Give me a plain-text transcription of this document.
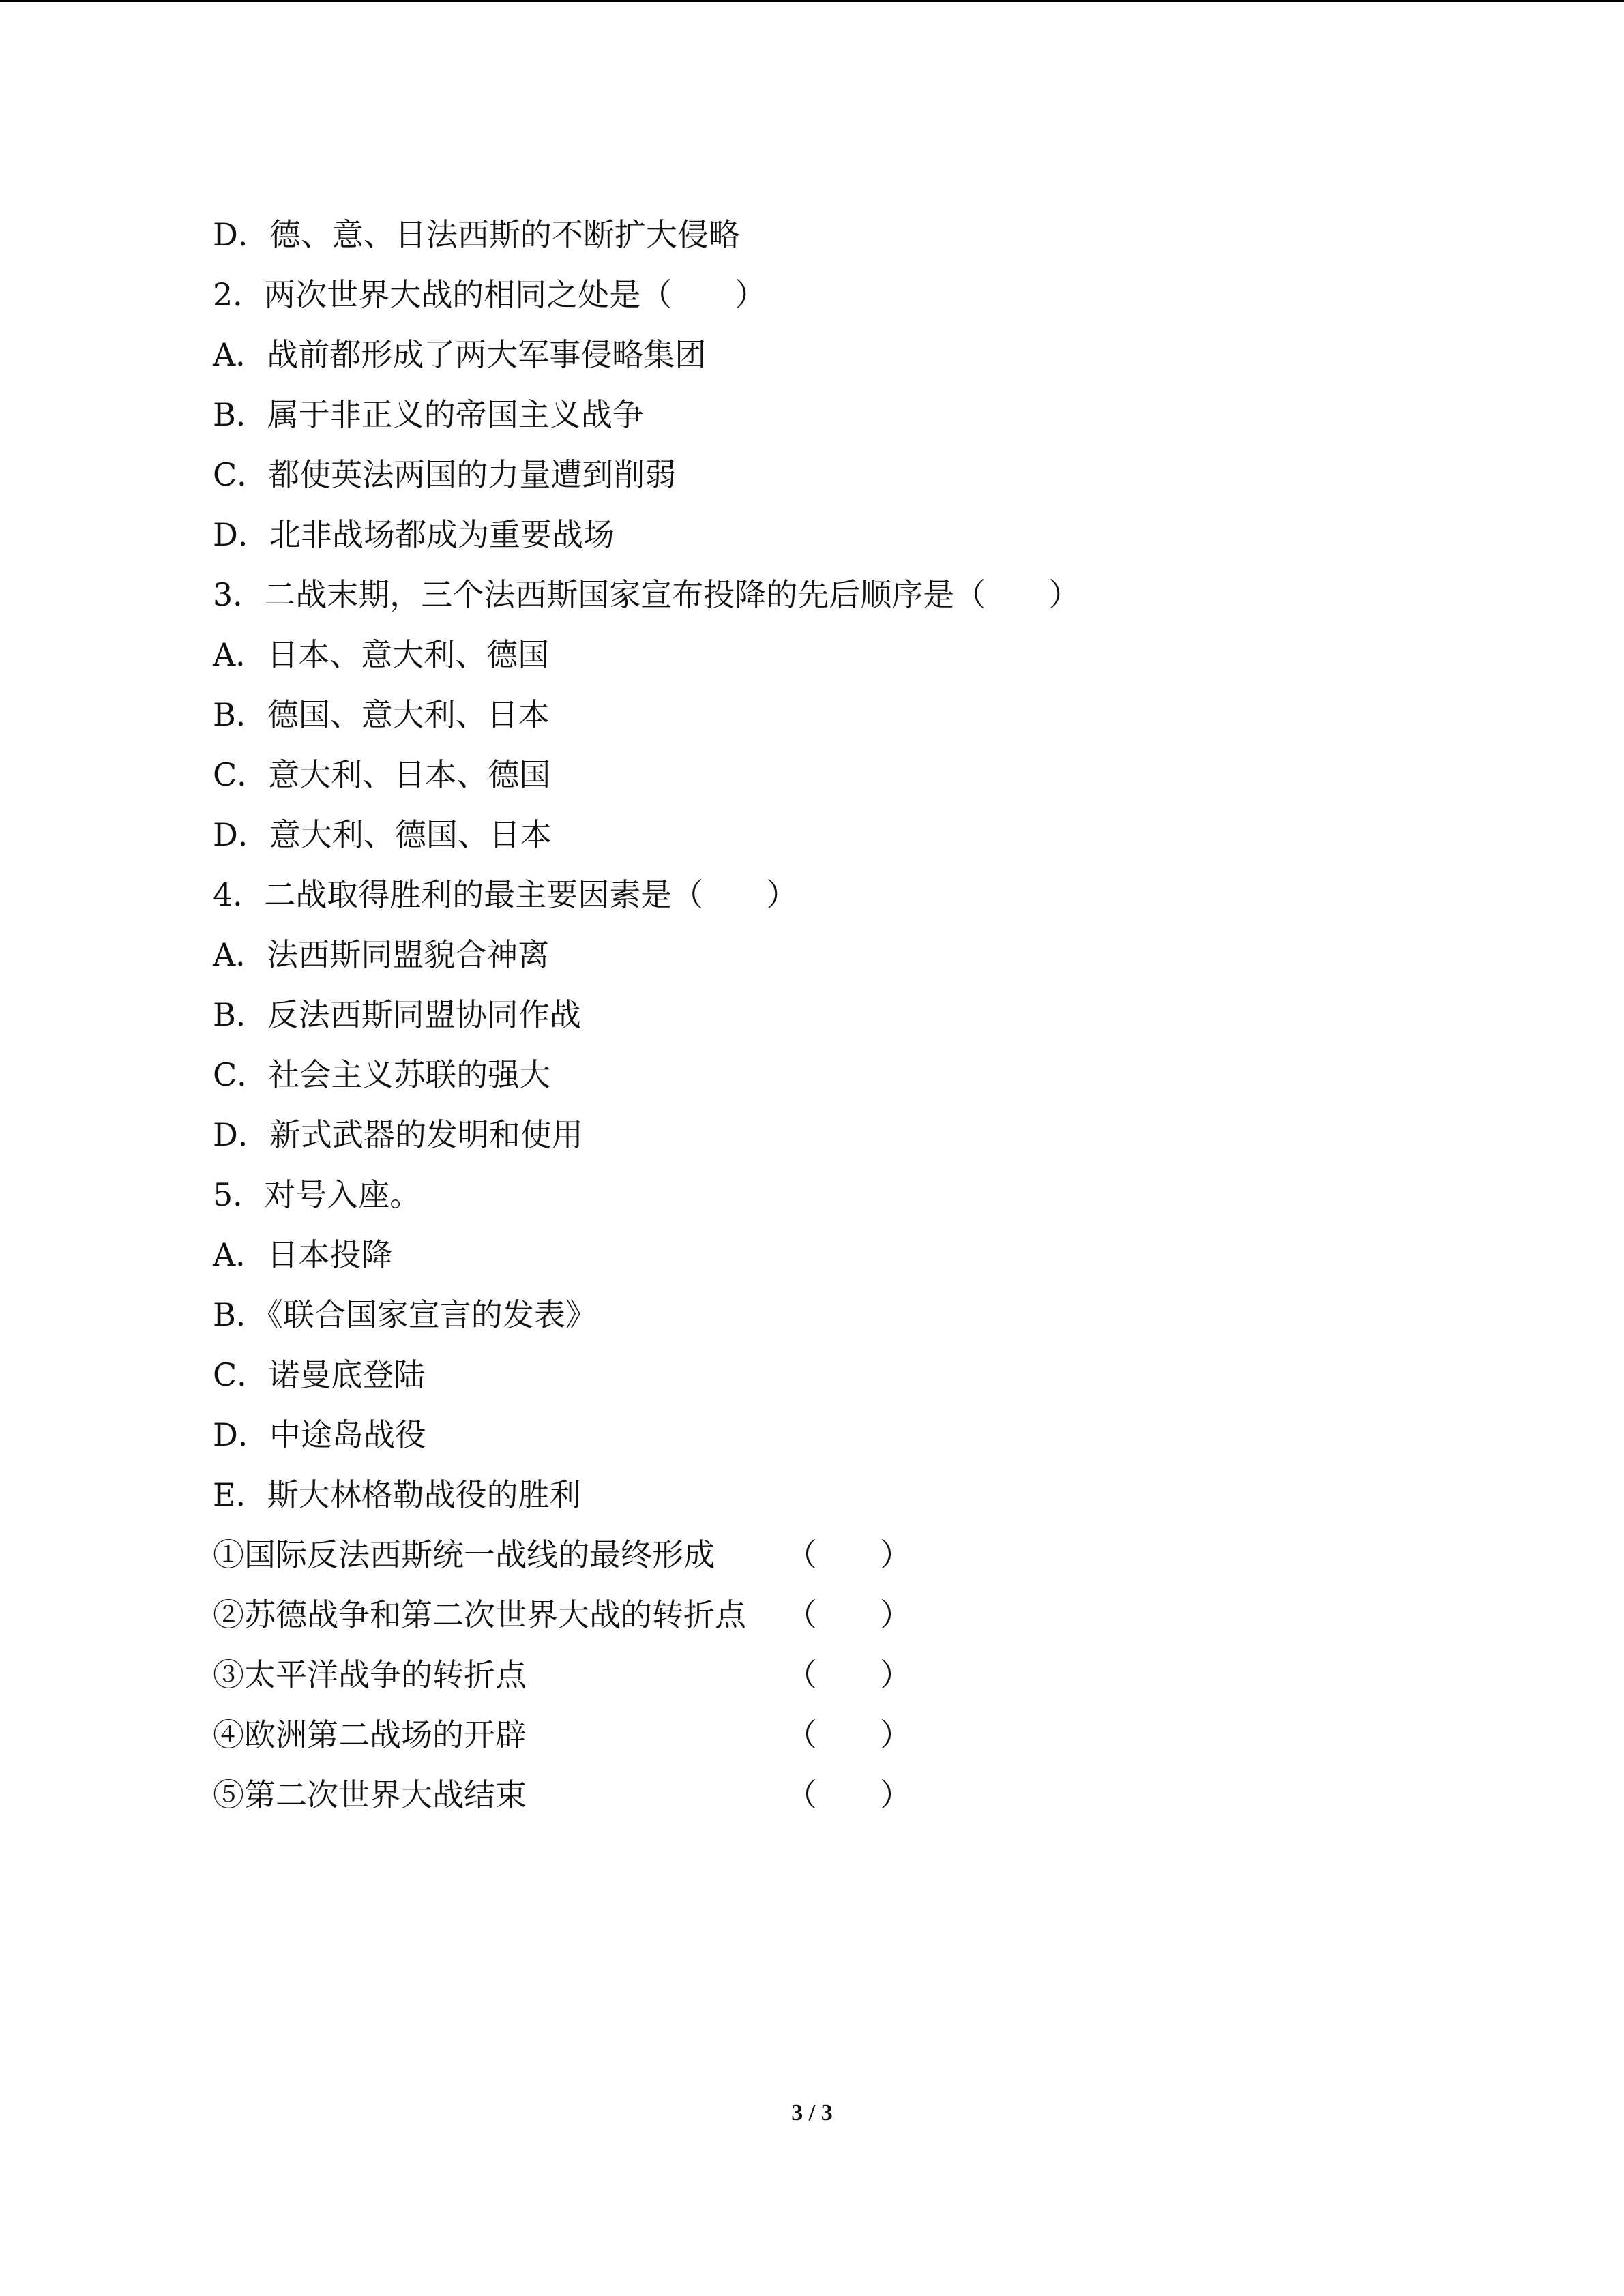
D．德、意、日法西斯的不断扩大侵略
2．两次世界大战的相同之处是（　　）
A．战前都形成了两大军事侵略集团
B．属于非正义的帝国主义战争
C．都使英法两国的力量遭到削弱
D．北非战场都成为重要战场
3．二战末期，三个法西斯国家宣布投降的先后顺序是（　　）
A．日本、意大利、德国
B．德国、意大利、日本
C．意大利、日本、德国
D．意大利、德国、日本
4．二战取得胜利的最主要因素是（　　）
A．法西斯同盟貌合神离
B．反法西斯同盟协同作战
C．社会主义苏联的强大
D．新式武器的发明和使用
5．对号入座。
A．日本投降
B．《联合国家宣言的发表》
C．诺曼底登陆
D．中途岛战役
E．斯大林格勒战役的胜利
①国际反法西斯统一战线的最终形成 （　　）
②苏德战争和第二次世界大战的转折点 （　　）
③太平洋战争的转折点	（　　）
④欧洲第二战场的开辟	（　　）
⑤第二次世界大战结束	（　　）
3 / 3
